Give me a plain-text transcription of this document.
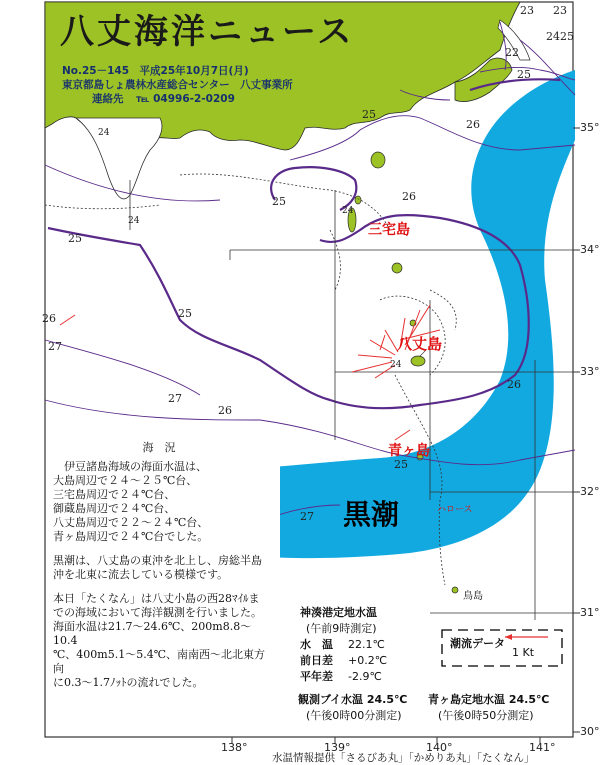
八丈海洋ニュース
No.25－145　平成25年10月7日(月)
東京都島しょ農林水産総合センター　八丈事業所
連絡先 ℡ 04996-2-0209
三宅島
八丈島
青ヶ島
鳥島
ハロース
黒潮
25
26
25	26
25
25
26
27
27
26
26
25
27
25
22
23 23
24 25
24
24
24
24
35°
34°
33°
32°
31°
30°
138°	139°	140°	141°
海　況

伊豆諸島海域の海面水温は、
大島周辺で２４～２５℃台、
三宅島周辺で２４℃台、
御蔵島周辺で２４℃台、
八丈島周辺で２２～２４℃台、
青ヶ島周辺で２４℃台でした。

黒潮は、八丈島の東沖を北上し、房総半島
沖を北東に流去している模様です。

本日「たくなん」は八丈小島の西28ﾏｲﾙま
での海域において海洋観測を行いました。
海面水温は21.7～24.6℃、200m8.8～10.4
℃、400m5.1～5.4℃、南南西～北北東方向
に0.3～1.7ﾉｯﾄの流れでした。

神湊港定地水温
(午前9時測定)
水　温 22.1℃
前日差 +0.2℃
平年差 -2.9℃
観測ブイ水温 24.5℃
(午後0時00分測定)
青ヶ島定地水温 24.5℃
(午後0時50分測定)
潮流データ
1 Kt
水温情報提供「さるびあ丸」「かめりあ丸」「たくなん」
